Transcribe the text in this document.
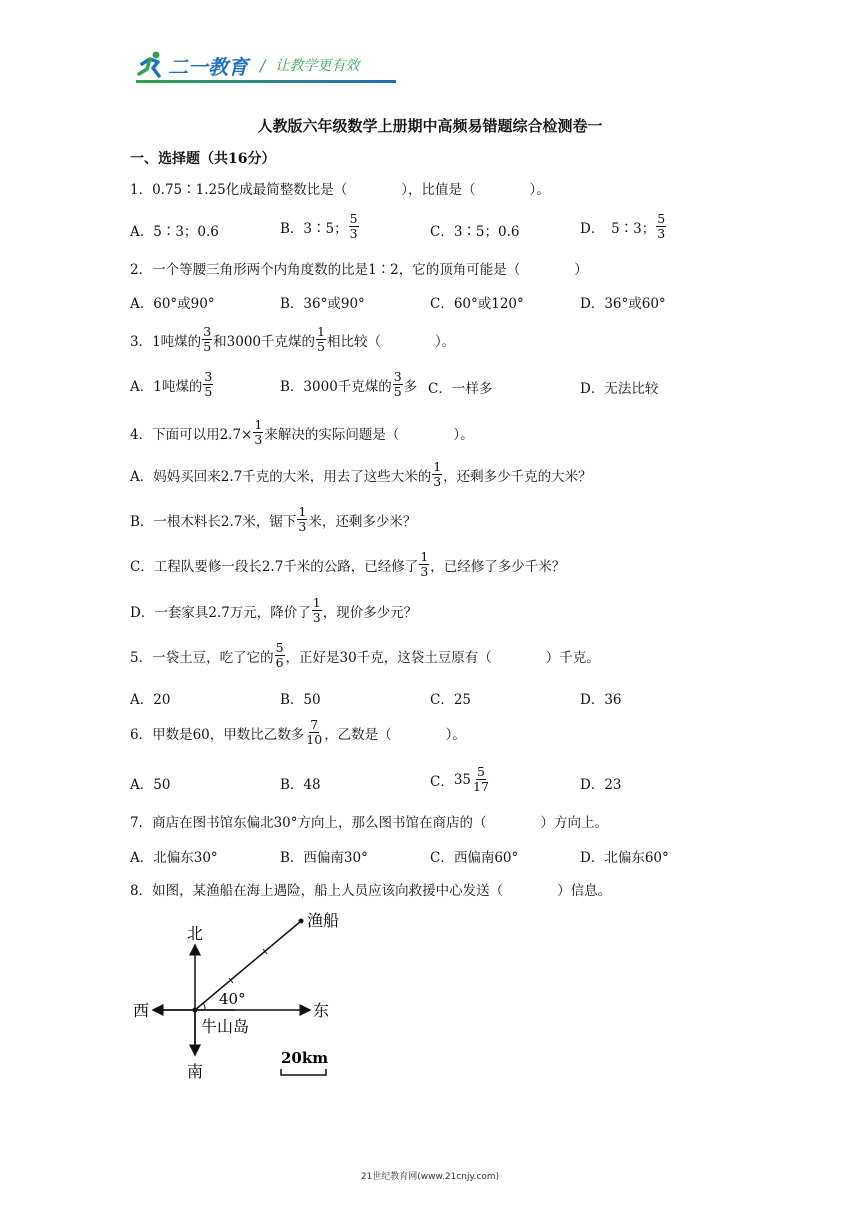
二一教育 / 让教学更有效
人教版六年级数学上册期中高频易错题综合检测卷一
一、选择题（共16分）
1．0.75∶1.25化成最简整数比是（　　　　），比值是（　　　　）。
A．5∶3；0.6	B．3∶5； $\frac{5}{3}$	C．3∶5；0.6	D．　5∶3； $\frac{5}{3}$
2．一个等腰三角形两个内角度数的比是1∶2，它的顶角可能是（　　　　）
A．60°或90°	B．36°或90°	C．60°或120°	D．36°或60°
3．1吨煤的 $\frac{3}{5}$ 和3000千克煤的 $\frac{1}{5}$ 相比较（　　　　）。
A．1吨煤的 $\frac{3}{5}$	B．3000千克煤的 $\frac{3}{5}$ 多 C．一样多	D．无法比较
4．下面可以用$2.7\times \frac{1}{3}$ 来解决的实际问题是（　　　　）。
A．妈妈买回来2.7千克的大米，用去了这些大米的 $\frac{1}{3}$ ，还剩多少千克的大米？
B．一根木料长2.7米，锯下 $\frac{1}{3}$ 米，还剩多少米？
C．工程队要修一段长2.7千米的公路，已经修了 $\frac{1}{3}$ ，已经修了多少千米？
D．一套家具2.7万元，降价了 $\frac{1}{3}$ ，现价多少元？
5．一袋土豆，吃了它的 $\frac{5}{6}$ ，正好是30千克，这袋土豆原有（　　　　）千克。
A．20	B．50	C．25	D．36
6．甲数是60，甲数比乙数多 $\frac{7}{10}$ ，乙数是（　　　　）。
A．50	B．48	C． $35 \frac{5}{17}$	D．23
7．商店在图书馆东偏北30°方向上，那么图书馆在商店的（　　　　）方向上。
A．北偏东30°	B．西偏南30°	C．西偏南60°	D．北偏东60°
8．如图，某渔船在海上遇险，船上人员应该向救援中心发送（　　　　）信息。
北
南
西	东
渔船
40°
牛山岛
20km
21世纪教育网(www.21cnjy.com)
